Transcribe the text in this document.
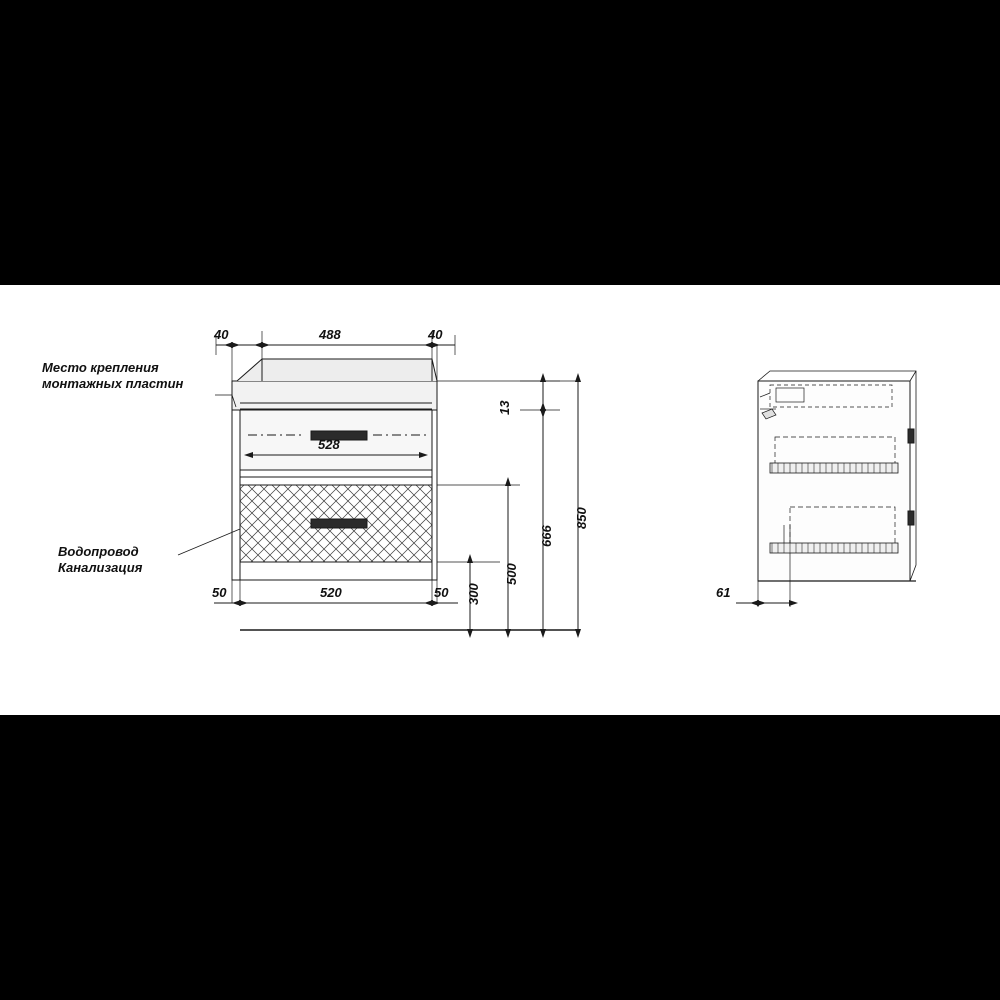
Место крепления
монтажных пластин
Водопровод
Канализация
40	488	40
528
50	520	50	61
13
300
500
666
850
